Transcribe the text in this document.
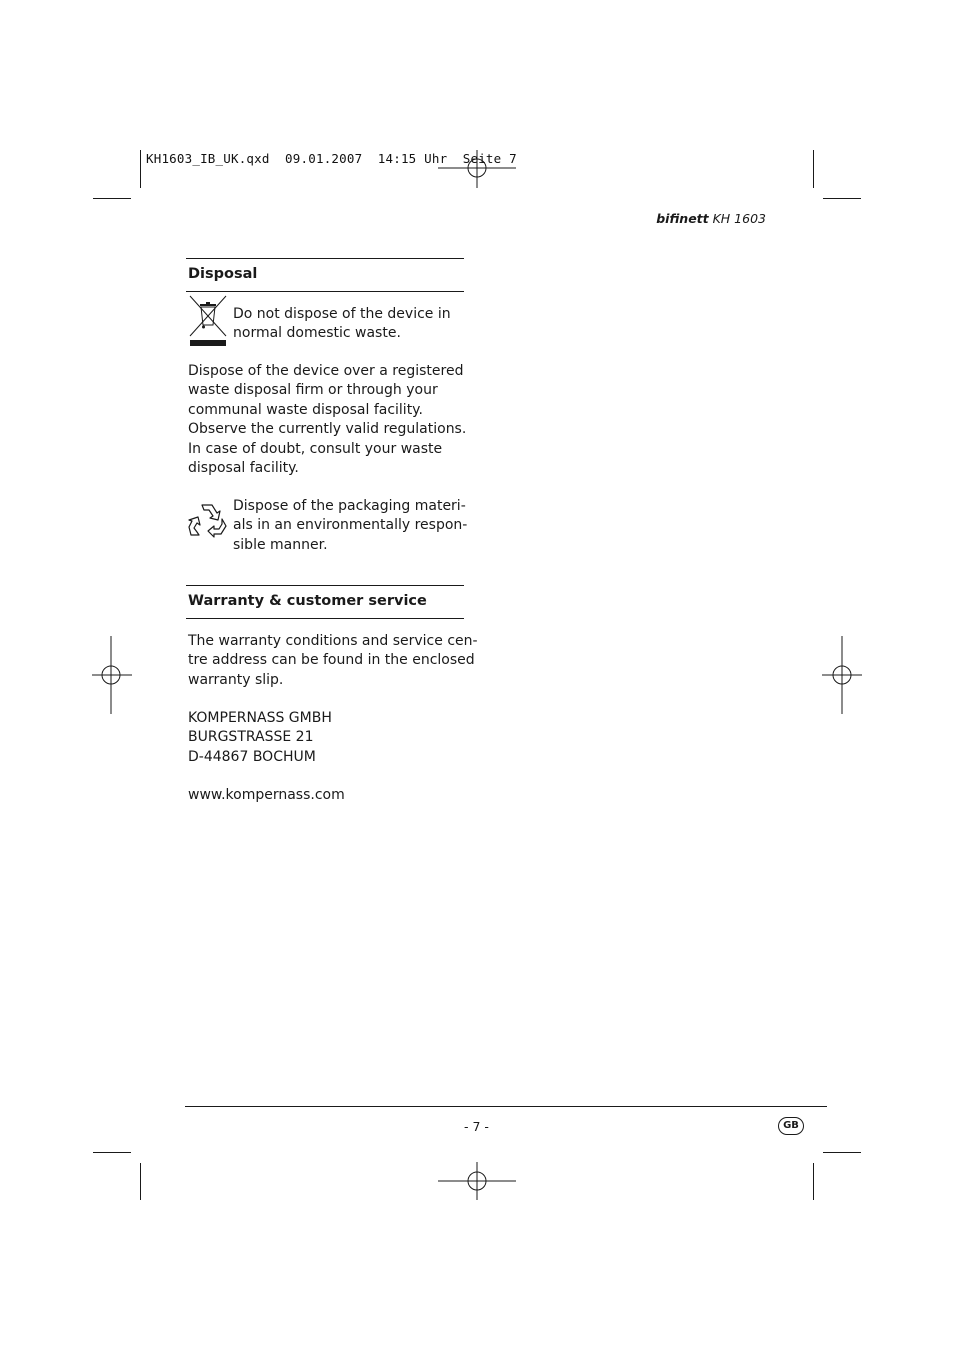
KH1603_IB_UK.qxd  09.01.2007  14:15 Uhr  Seite 7
bifinett KH 1603
Disposal
Do not dispose of the device in
normal domestic waste.
Dispose of the device over a registered
waste disposal firm or through your
communal waste disposal facility.
Observe the currently valid regulations.
In case of doubt, consult your waste
disposal facility.
Dispose of the packaging materi-
als in an environmentally respon-
sible manner.
Warranty & customer service
The warranty conditions and service cen-
tre address can be found in the enclosed
warranty slip.
KOMPERNASS GMBH
BURGSTRASSE 21
D-44867 BOCHUM
www.kompernass.com
- 7 -	GB
